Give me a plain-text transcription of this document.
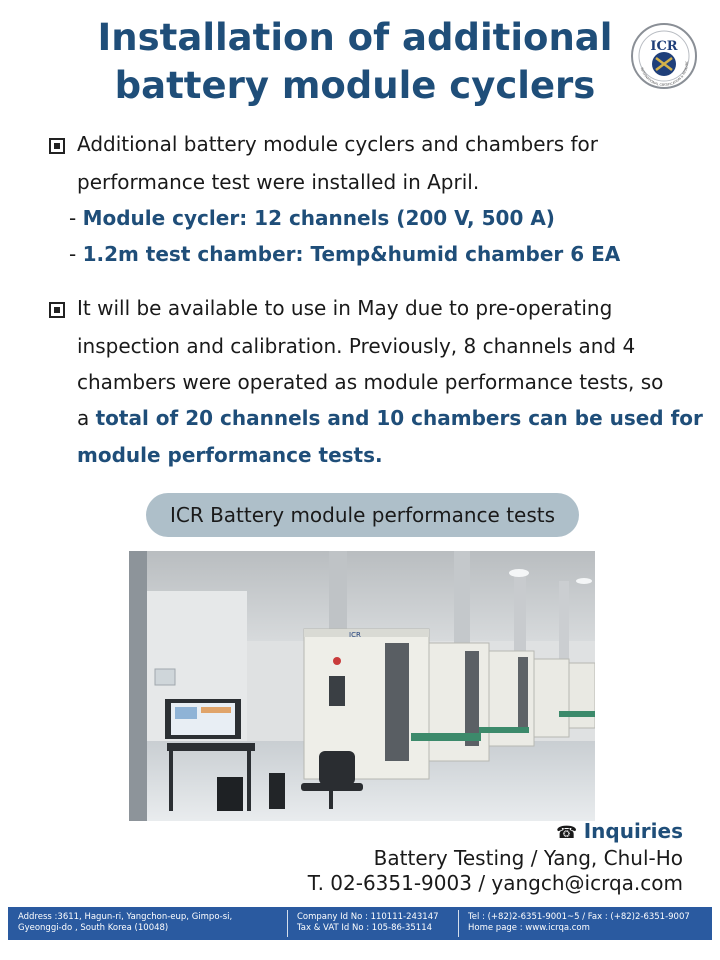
Installation of additional
battery module cyclers
ICR
INTERNATIONAL CERTIFICATION & RESEARC
Additional battery module cyclers and chambers for
performance test were installed in April.
- Module cycler: 12 channels (200 V, 500 A)
- 1.2m test chamber: Temp&humid chamber 6 EA
It will be available to use in May due to pre-operating
inspection and calibration. Previously, 8 channels and 4
chambers were operated as module performance tests, so
a total of 20 channels and 10 chambers can be used for
module performance tests.
ICR Battery module performance tests
ICR
☎ Inquiries
Battery Testing / Yang, Chul-Ho
T. 02-6351-9003 / yangch@icrqa.com
Address :3611, Hagun-ri, Yangchon-eup, Gimpo-si,
Gyeonggi-do , South Korea (10048)
Company Id No : 110111-243147
Tax & VAT Id No : 105-86-35114
Tel : (+82)2-6351-9001~5 / Fax : (+82)2-6351-9007
Home page : www.icrqa.com
